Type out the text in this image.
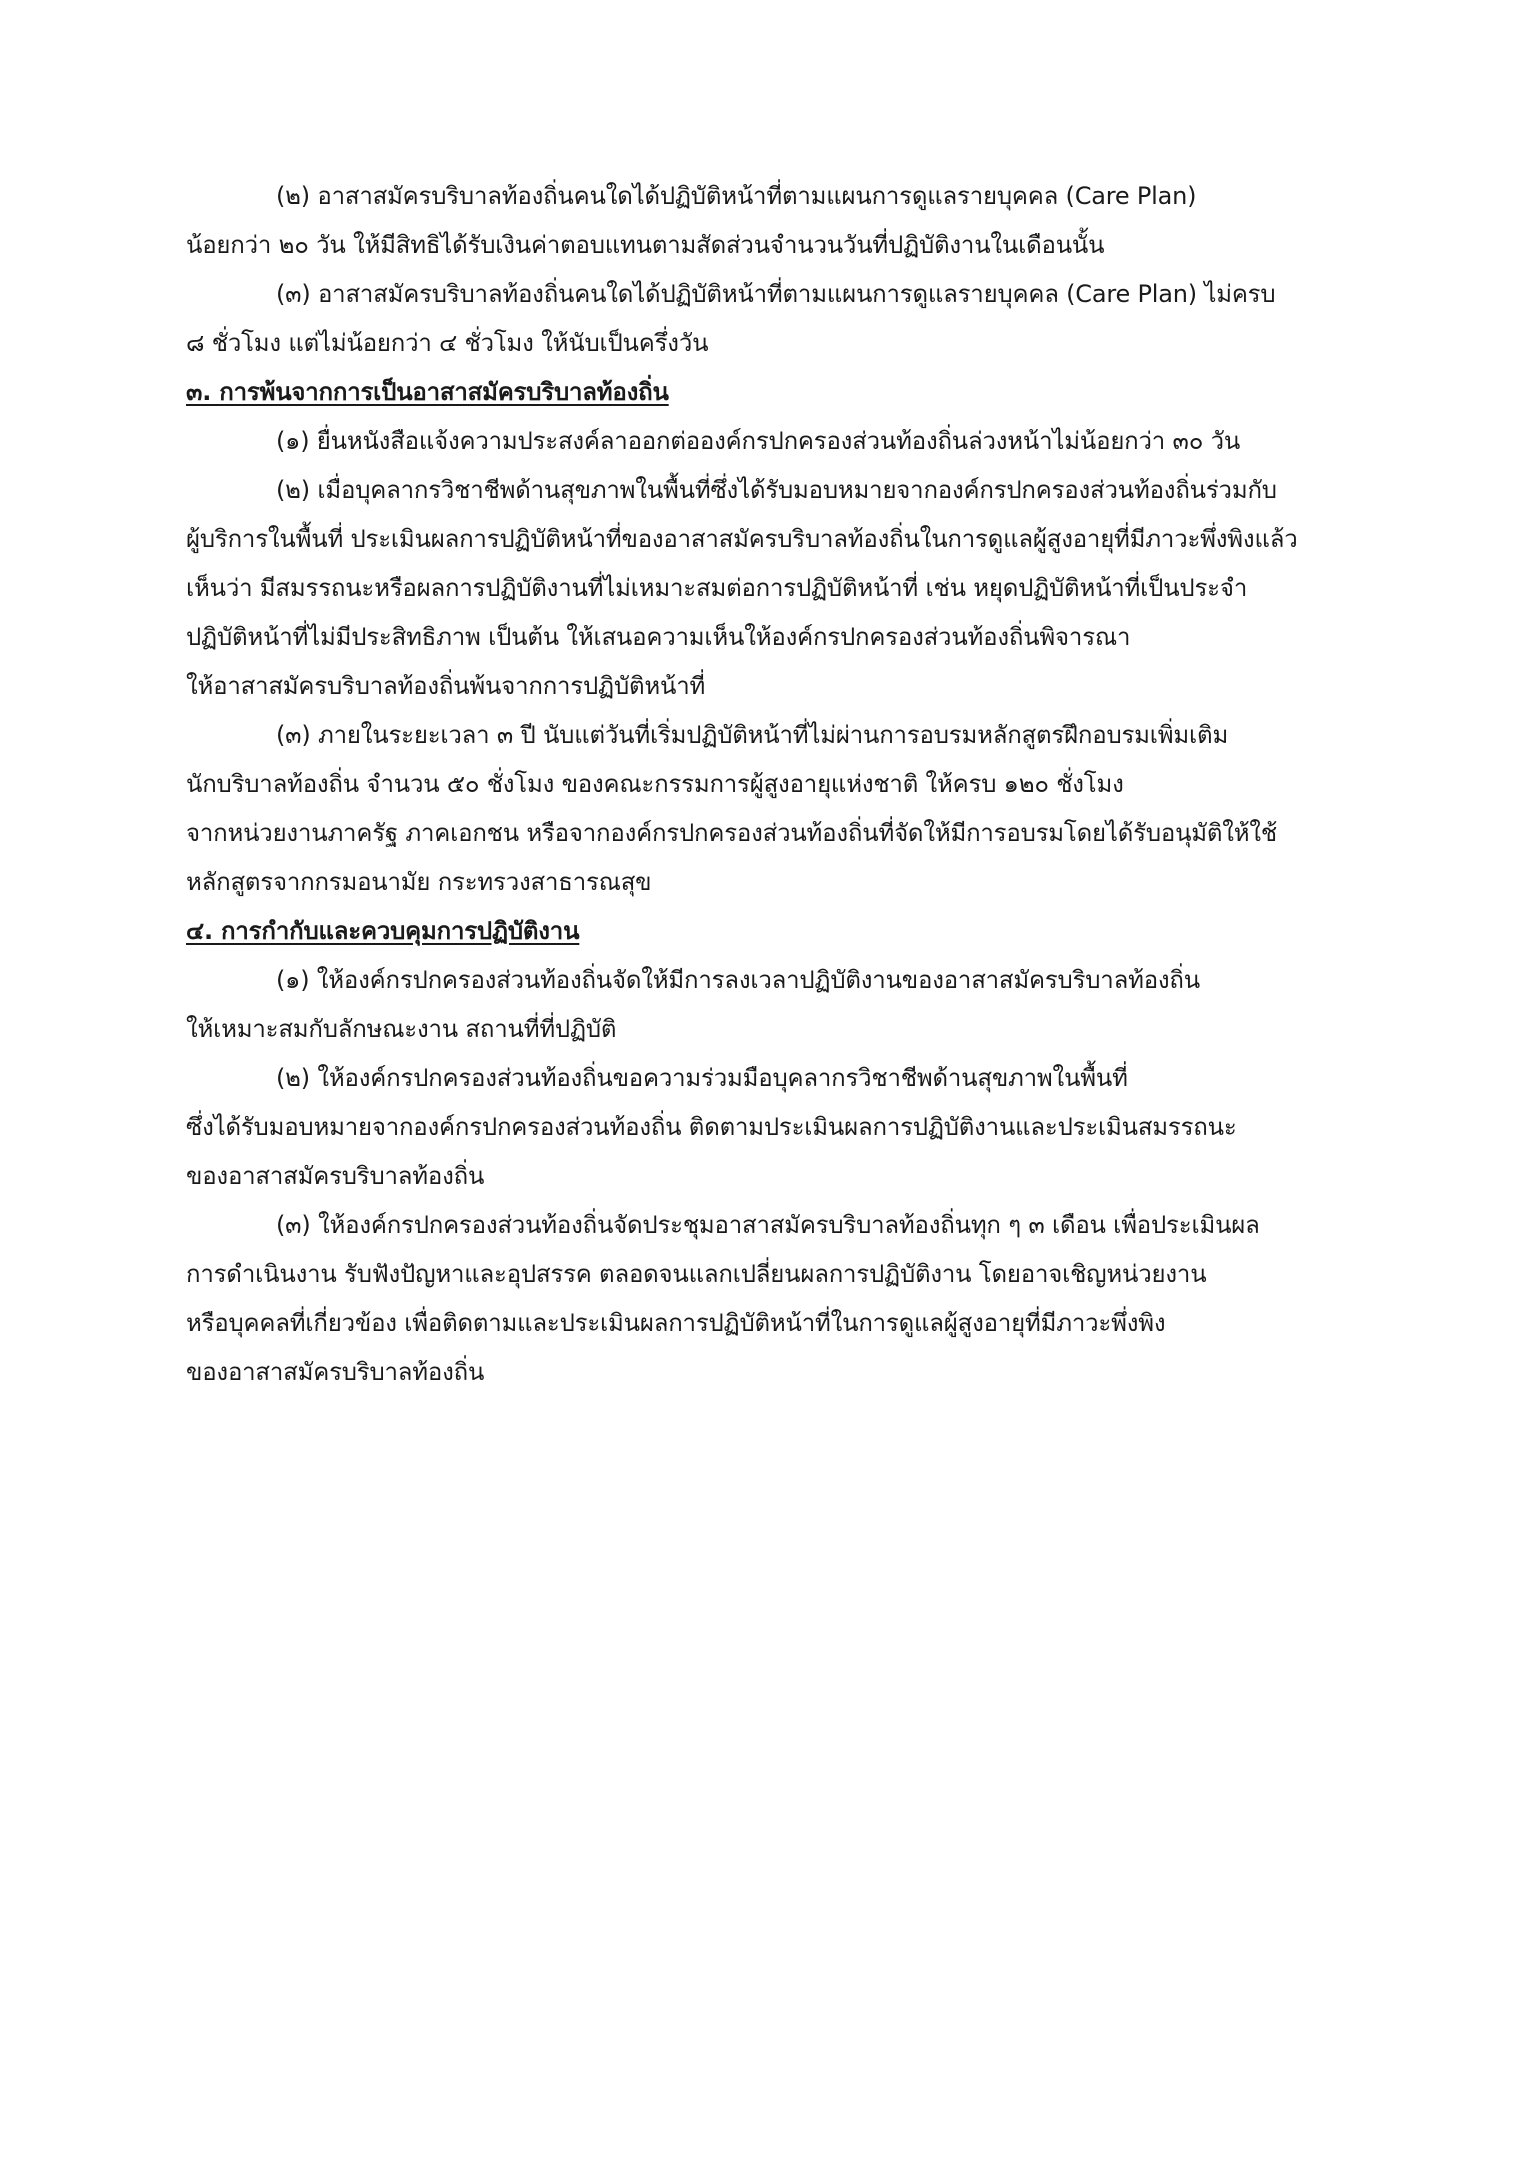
(๒) อาสาสมัครบริบาลท้องถิ่นคนใดได้ปฏิบัติหน้าที่ตามแผนการดูแลรายบุคคล (Care Plan)
น้อยกว่า ๒๐ วัน ให้มีสิทธิได้รับเงินค่าตอบแทนตามสัดส่วนจำนวนวันที่ปฏิบัติงานในเดือนนั้น
(๓) อาสาสมัครบริบาลท้องถิ่นคนใดได้ปฏิบัติหน้าที่ตามแผนการดูแลรายบุคคล (Care Plan) ไม่ครบ
๘ ชั่วโมง แต่ไม่น้อยกว่า ๔ ชั่วโมง ให้นับเป็นครึ่งวัน
๓. การพ้นจากการเป็นอาสาสมัครบริบาลท้องถิ่น
(๑) ยื่นหนังสือแจ้งความประสงค์ลาออกต่อองค์กรปกครองส่วนท้องถิ่นล่วงหน้าไม่น้อยกว่า ๓๐ วัน
(๒) เมื่อบุคลากรวิชาชีพด้านสุขภาพในพื้นที่ซึ่งได้รับมอบหมายจากองค์กรปกครองส่วนท้องถิ่นร่วมกับ
ผู้บริการในพื้นที่ ประเมินผลการปฏิบัติหน้าที่ของอาสาสมัครบริบาลท้องถิ่นในการดูแลผู้สูงอายุที่มีภาวะพึ่งพิงแล้ว
เห็นว่า มีสมรรถนะหรือผลการปฏิบัติงานที่ไม่เหมาะสมต่อการปฏิบัติหน้าที่ เช่น หยุดปฏิบัติหน้าที่เป็นประจำ
ปฏิบัติหน้าที่ไม่มีประสิทธิภาพ เป็นต้น ให้เสนอความเห็นให้องค์กรปกครองส่วนท้องถิ่นพิจารณา
ให้อาสาสมัครบริบาลท้องถิ่นพ้นจากการปฏิบัติหน้าที่
(๓) ภายในระยะเวลา ๓ ปี นับแต่วันที่เริ่มปฏิบัติหน้าที่ไม่ผ่านการอบรมหลักสูตรฝึกอบรมเพิ่มเติม
นักบริบาลท้องถิ่น จำนวน ๕๐ ชั่งโมง ของคณะกรรมการผู้สูงอายุแห่งชาติ ให้ครบ ๑๒๐ ชั่งโมง
จากหน่วยงานภาครัฐ ภาคเอกชน หรือจากองค์กรปกครองส่วนท้องถิ่นที่จัดให้มีการอบรมโดยได้รับอนุมัติให้ใช้
หลักสูตรจากกรมอนามัย กระทรวงสาธารณสุข
๔. การกำกับและควบคุมการปฏิบัติงาน
(๑) ให้องค์กรปกครองส่วนท้องถิ่นจัดให้มีการลงเวลาปฏิบัติงานของอาสาสมัครบริบาลท้องถิ่น
ให้เหมาะสมกับลักษณะงาน สถานที่ที่ปฏิบัติ
(๒) ให้องค์กรปกครองส่วนท้องถิ่นขอความร่วมมือบุคลากรวิชาชีพด้านสุขภาพในพื้นที่
ซึ่งได้รับมอบหมายจากองค์กรปกครองส่วนท้องถิ่น ติดตามประเมินผลการปฏิบัติงานและประเมินสมรรถนะ
ของอาสาสมัครบริบาลท้องถิ่น
(๓) ให้องค์กรปกครองส่วนท้องถิ่นจัดประชุมอาสาสมัครบริบาลท้องถิ่นทุก ๆ ๓ เดือน เพื่อประเมินผล
การดำเนินงาน รับฟังปัญหาและอุปสรรค ตลอดจนแลกเปลี่ยนผลการปฏิบัติงาน โดยอาจเชิญหน่วยงาน
หรือบุคคลที่เกี่ยวข้อง เพื่อติดตามและประเมินผลการปฏิบัติหน้าที่ในการดูแลผู้สูงอายุที่มีภาวะพึ่งพิง
ของอาสาสมัครบริบาลท้องถิ่น
